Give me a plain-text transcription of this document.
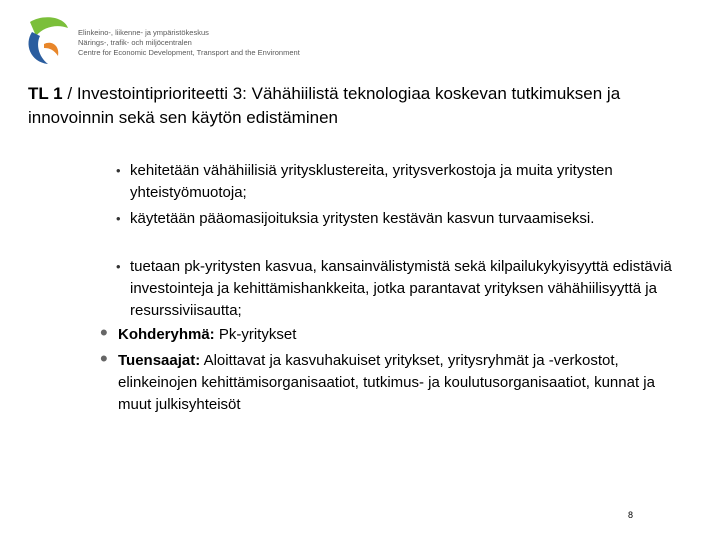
Elinkeino-, liikenne- ja ympäristökeskus
Närings-, trafik- och miljöcentralen
Centre for Economic Development, Transport and the Environment
TL 1 / Investointiprioriteetti 3: Vähähiilistä teknologiaa koskevan tutkimuksen ja innovoinnin sekä sen käytön edistäminen
• kehitetään vähähiilisiä yritysklustereita, yritysverkostoja ja muita yritysten yhteistyömuotoja;
• käytetään pääomasijoituksia yritysten kestävän kasvun turvaamiseksi.
• tuetaan pk-yritysten kasvua, kansainvälistymistä sekä kilpailukykyisyyttä edistäviä investointeja ja kehittämishankkeita, jotka parantavat yrityksen vähähiilisyyttä ja resurssiviisautta;
• Kohderyhmä: Pk-yritykset
• Tuensaajat: Aloittavat ja kasvuhakuiset yritykset, yritysryhmät ja -verkostot, elinkeinojen kehittämisorganisaatiot, tutkimus- ja koulutusorganisaatiot, kunnat ja muut julkisyhteisöt
8
